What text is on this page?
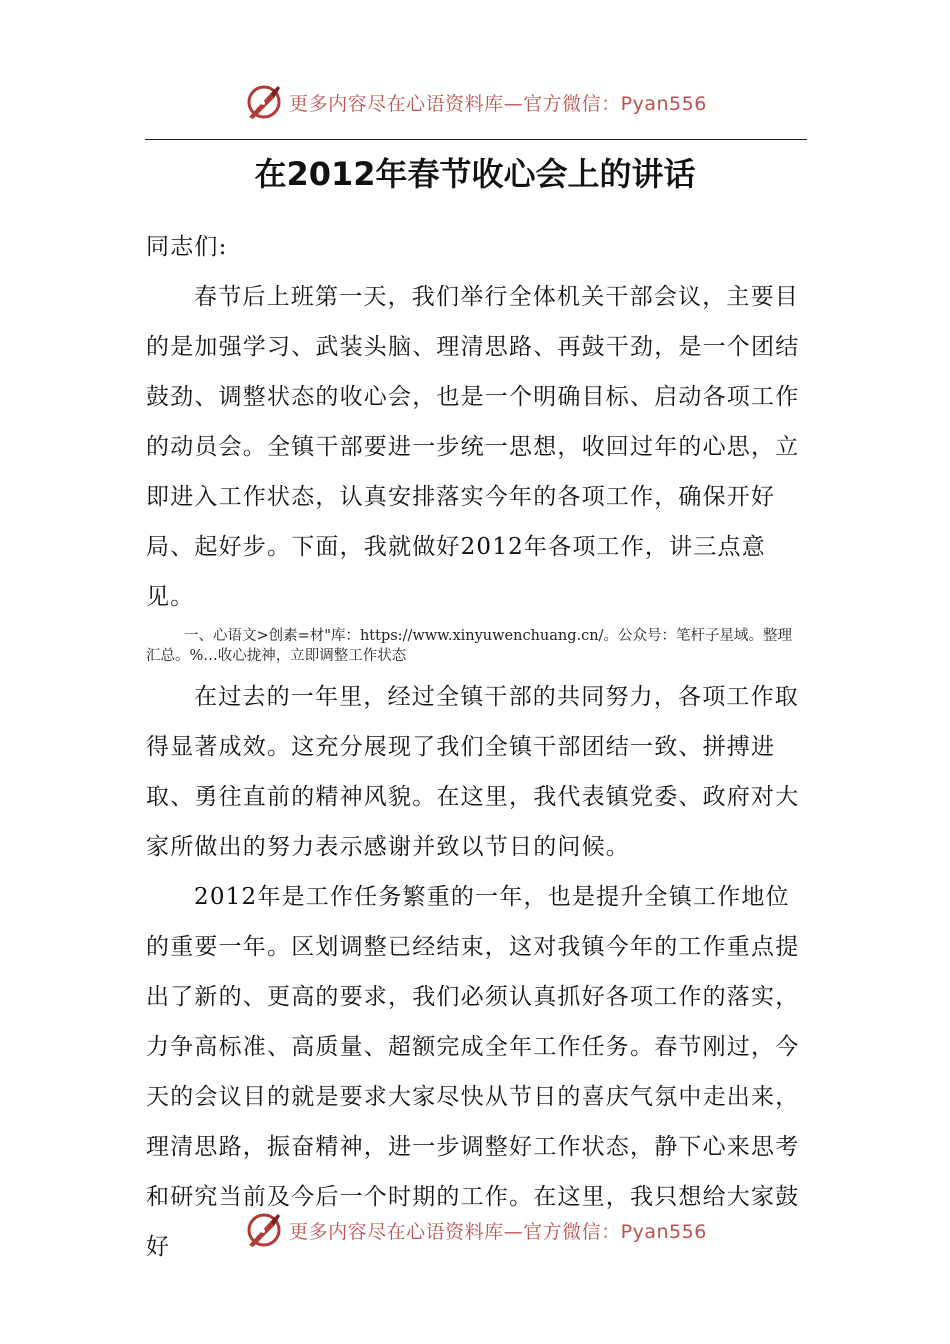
更多内容尽在心语资料库—官方微信：Pyan556
在2012年春节收心会上的讲话

同志们:

春节后上班第一天，我们举行全体机关干部会议，主要目的是加强学习、武装头脑、理清思路、再鼓干劲，是一个团结鼓劲、调整状态的收心会，也是一个明确目标、启动各项工作的动员会。全镇干部要进一步统一思想，收回过年的心思，立即进入工作状态，认真安排落实今年的各项工作，确保开好局、起好步。下面，我就做好2012年各项工作，讲三点意见。

一、心语文>创素=材"库：https://www.xinyuwenchuang.cn/。公众号：笔杆子星域。整理汇总。%…收心拢神，立即调整工作状态

在过去的一年里，经过全镇干部的共同努力，各项工作取得显著成效。这充分展现了我们全镇干部团结一致、拼搏进取、勇往直前的精神风貌。在这里，我代表镇党委、政府对大家所做出的努力表示感谢并致以节日的问候。

2012年是工作任务繁重的一年，也是提升全镇工作地位的重要一年。区划调整已经结束，这对我镇今年的工作重点提出了新的、更高的要求，我们必须认真抓好各项工作的落实，力争高标准、高质量、超额完成全年工作任务。春节刚过，今天的会议目的就是要求大家尽快从节日的喜庆气氛中走出来，理清思路，振奋精神，进一步调整好工作状态，静下心来思考和研究当前及今后一个时期的工作。在这里，我只想给大家鼓好

更多内容尽在心语资料库—官方微信：Pyan556
